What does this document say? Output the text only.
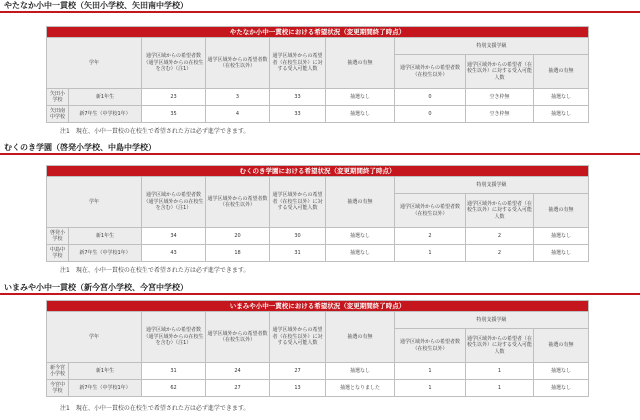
やたなか小中一貫校（矢田小学校、矢田南中学校）
やたなか小中一貫校における希望状況（変更期間終了時点）								
学年		通学区域からの希望者数（通学区域外からの在校生を含む）（注1）	通学区域外からの希望者数（在校生以外）	通学区域外からの希望者（在校生以外）に対する受入可能人数	抽選の有無	特別支援学級		
						通学区域外からの希望者数（在校生以外）	通学区域外からの希望者（在校生以外）に対する受入可能人数	抽選の有無
矢田小学校	新1年生	23	3	33	抽選なし	0	空き枠無	抽選なし
矢田南中学校	新7年生（中学校1年）	35	4	33	抽選なし	0	空き枠無	抽選なし
注1　現在、小中一貫校の在校生で希望された方は必ず進学できます。
むくのき学園（啓発小学校、中島中学校）
むくのき学園における希望状況（変更期間終了時点）								
学年		通学区域からの希望者数（通学区域外からの在校生を含む）（注1）	通学区域外からの希望者数（在校生以外）	通学区域外からの希望者（在校生以外）に対する受入可能人数	抽選の有無	特別支援学級		
						通学区域外からの希望者数（在校生以外）	通学区域外からの希望者（在校生以外）に対する受入可能人数	抽選の有無
啓発小学校	新1年生	34	20	30	抽選なし	2	2	抽選なし
中島中学校	新7年生（中学校1年）	43	18	31	抽選なし	1	2	抽選なし
注1　現在、小中一貫校の在校生で希望された方は必ず進学できます。
いまみや小中一貫校（新今宮小学校、今宮中学校）
いまみや小中一貫校における希望状況（変更期間終了時点）								
学年		通学区域からの希望者数（通学区域外からの在校生を含む）（注1）	通学区域外からの希望者数（在校生以外）	通学区域外からの希望者（在校生以外）に対する受入可能人数	抽選の有無	特別支援学級		
						通学区域外からの希望者数（在校生以外）	通学区域外からの希望者（在校生以外）に対する受入可能人数	抽選の有無
新今宮小学校	新1年生	31	24	27	抽選なし	1	1	抽選なし
今宮中学校	新7年生（中学校1年）	62	27	13	抽選となりました	1	1	抽選なし
注1　現在、小中一貫校の在校生で希望された方は必ず進学できます。
